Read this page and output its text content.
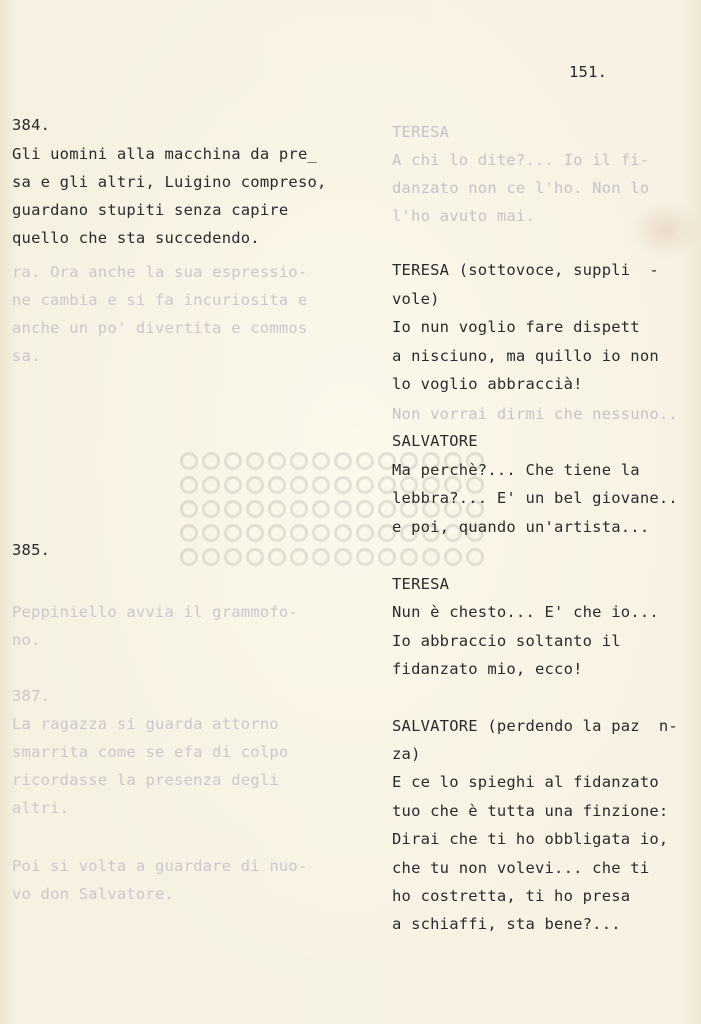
TERESA
A chi lo dite?... Io il fi-
danzato non ce l'ho. Non lo
l'ho avuto mai.
ra. Ora anche la sua espressio-
ne cambia e si fa incuriosita e
anche un po' divertita e commos
sa.
Non vorrai dirmi che nessuno..
Peppiniello avvia il grammofo-
no.
387.
La ragazza si guarda attorno
smarrita come se efa di colpo
ricordasse la presenza degli
altri.
Poi si volta a guardare di nuo-
vo don Salvatore.
151.
384.
Gli uomini alla macchina da pre_
sa e gli altri, Luigino compreso,
guardano stupiti senza capire
quello che sta succedendo.
385.
TERESA (sottovoce, suppli  -
vole)
Io nun voglio fare dispett
a nisciuno, ma quillo io non
lo voglio abbraccià!
SALVATORE
Ma perchè?... Che tiene la
lebbra?... E' un bel giovane..
e poi, quando un'artista...
TERESA
Nun è chesto... E' che io...
Io abbraccio soltanto il
fidanzato mio, ecco!
SALVATORE (perdendo la paz  n-
za)
E ce lo spieghi al fidanzato
tuo che è tutta una finzione:
Dirai che ti ho obbligata io,
che tu non volevi... che ti
ho costretta, ti ho presa
a schiaffi, sta bene?...
